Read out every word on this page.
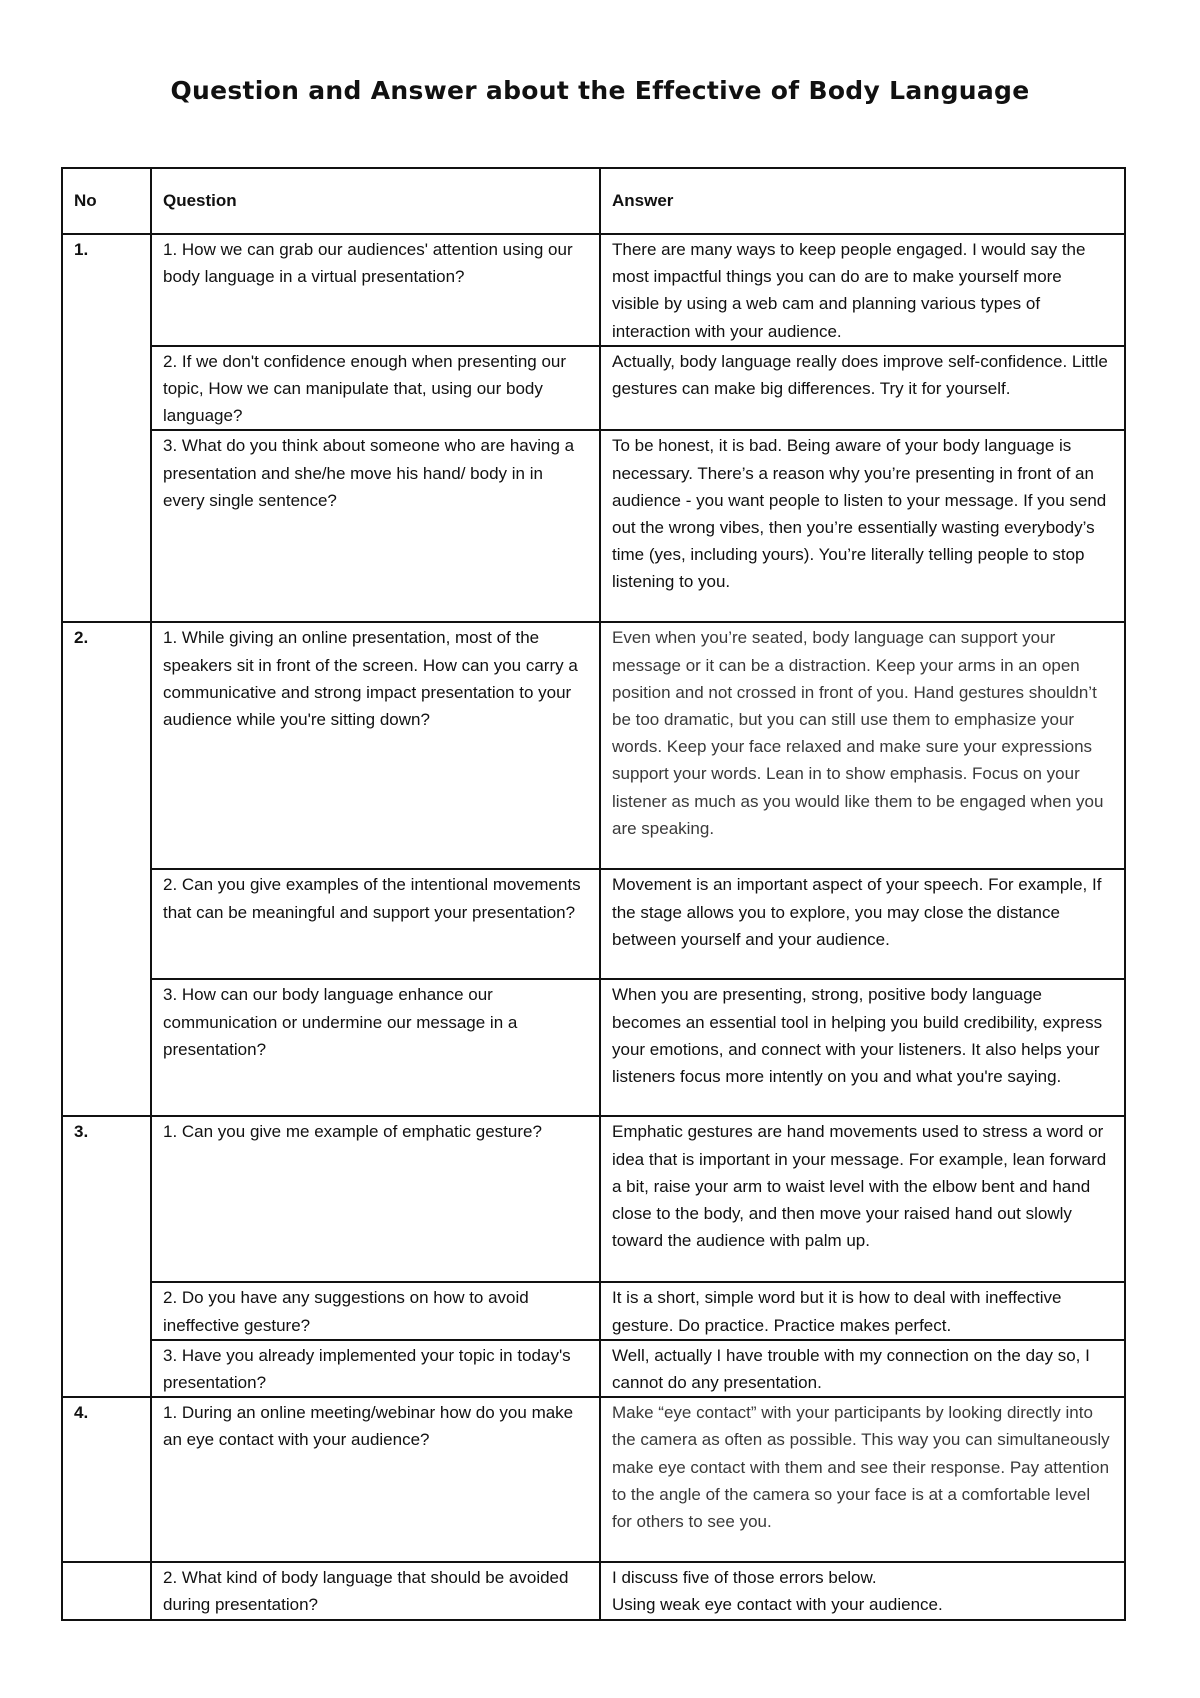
Question and Answer about the Effective of Body Language
No	Question	Answer
1.	1. How we can grab our audiences' attention using our body language in a virtual presentation?	There are many ways to keep people engaged. I would say the most impactful things you can do are to make yourself more visible by using a web cam and planning various types of interaction with your audience.
	2. If we don't confidence enough when presenting our topic, How we can manipulate that, using our body language?	Actually, body language really does improve self-confidence. Little gestures can make big differences. Try it for yourself.
	3. What do you think about someone who are having a presentation and she/he move his hand/ body in in every single sentence?	To be honest, it is bad. Being aware of your body language is necessary. There’s a reason why you’re presenting in front of an audience - you want people to listen to your message. If you send out the wrong vibes, then you’re essentially wasting everybody’s time (yes, including yours). You’re literally telling people to stop listening to you.
2.	1. While giving an online presentation, most of the speakers sit in front of the screen. How can you carry a communicative and strong impact presentation to your audience while you're sitting down?	Even when you’re seated, body language can support your message or it can be a distraction. Keep your arms in an open position and not crossed in front of you. Hand gestures shouldn’t be too dramatic, but you can still use them to emphasize your words. Keep your face relaxed and make sure your expressions support your words. Lean in to show emphasis. Focus on your listener as much as you would like them to be engaged when you are speaking.
	2. Can you give examples of the intentional movements that can be meaningful and support your presentation?	Movement is an important aspect of your speech. For example, If the stage allows you to explore, you may close the distance between yourself and your audience.
	3. How can our body language enhance our communication or undermine our message in a presentation?	When you are presenting, strong, positive body language becomes an essential tool in helping you build credibility, express your emotions, and connect with your listeners. It also helps your listeners focus more intently on you and what you're saying.
3.	1. Can you give me example of emphatic gesture?	Emphatic gestures are hand movements used to stress a word or idea that is important in your message. For example, lean forward a bit, raise your arm to waist level with the elbow bent and hand close to the body, and then move your raised hand out slowly toward the audience with palm up.
	2. Do you have any suggestions on how to avoid ineffective gesture?	It is a short, simple word but it is how to deal with ineffective gesture. Do practice. Practice makes perfect.
	3. Have you already implemented your topic in today's presentation?	Well, actually I have trouble with my connection on the day so, I cannot do any presentation.
4.	1. During an online meeting/webinar how do you make an eye contact with your audience?	Make “eye contact” with your participants by looking directly into the camera as often as possible. This way you can simultaneously make eye contact with them and see their response. Pay attention to the angle of the camera so your face is at a comfortable level for others to see you.
	2. What kind of body language that should be avoided during presentation?	I discuss five of those errors below.
Using weak eye contact with your audience.
